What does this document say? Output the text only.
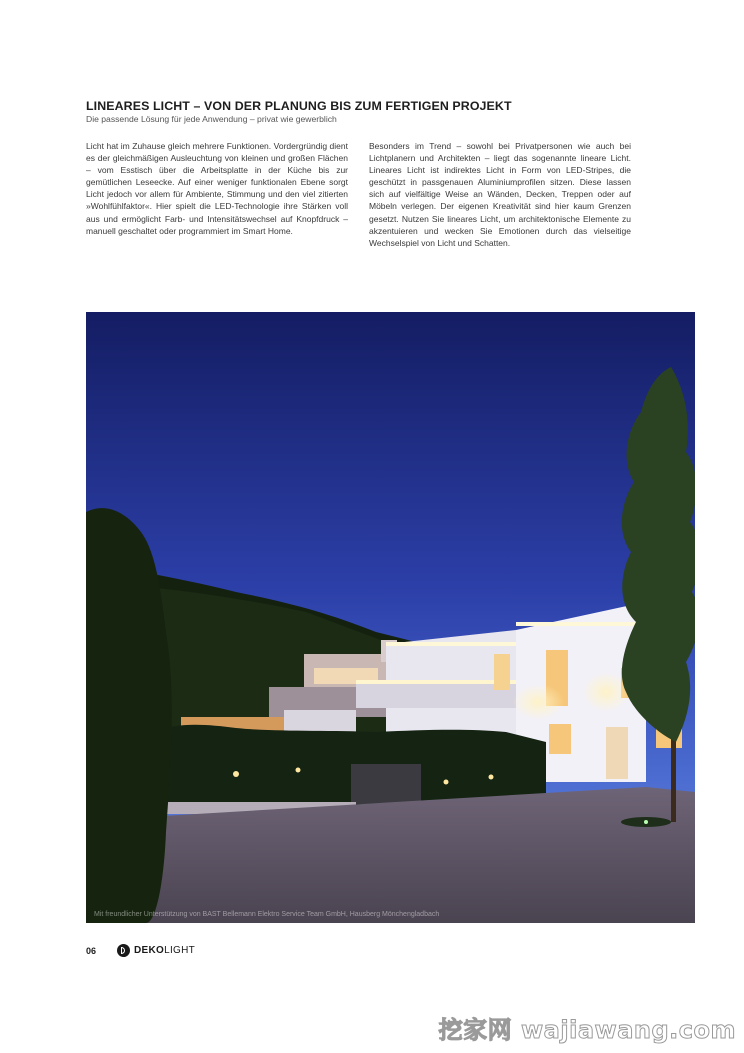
LINEARES LICHT – VON DER PLANUNG BIS ZUM FERTIGEN PROJEKT
Die passende Lösung für jede Anwendung – privat wie gewerblich
Licht hat im Zuhause gleich mehrere Funktionen. Vordergründig dient es der gleichmäßigen Ausleuchtung von kleinen und großen Flächen – vom Esstisch über die Arbeitsplatte in der Küche bis zur gemütlichen Leseecke. Auf einer weniger funktionalen Ebene sorgt Licht jedoch vor allem für Ambiente, Stimmung und den viel zitierten »Wohlfühlfaktor«. Hier spielt die LED-Technologie ihre Stärken voll aus und ermöglicht Farb- und Intensitätswechsel auf Knopfdruck – manuell geschaltet oder programmiert im Smart Home.
Besonders im Trend – sowohl bei Privatpersonen wie auch bei Lichtplanern und Architekten – liegt das sogenannte lineare Licht. Lineares Licht ist indirektes Licht in Form von LED-Stripes, die geschützt in passgenauen Aluminiumprofilen sitzen. Diese lassen sich auf vielfältige Weise an Wänden, Decken, Treppen oder auf Möbeln verlegen. Der eigenen Kreativität sind hier kaum Grenzen gesetzt. Nutzen Sie lineares Licht, um architektonische Elemente zu akzentuieren und wecken Sie Emotionen durch das vielseitige Wechselspiel von Licht und Schatten.
Mit freundlicher Unterstützung von BAST Bellemann Elektro Service Team GmbH, Hausberg Mönchengladbach
06	DEKOLIGHT
挖家网 wajiawang.com
